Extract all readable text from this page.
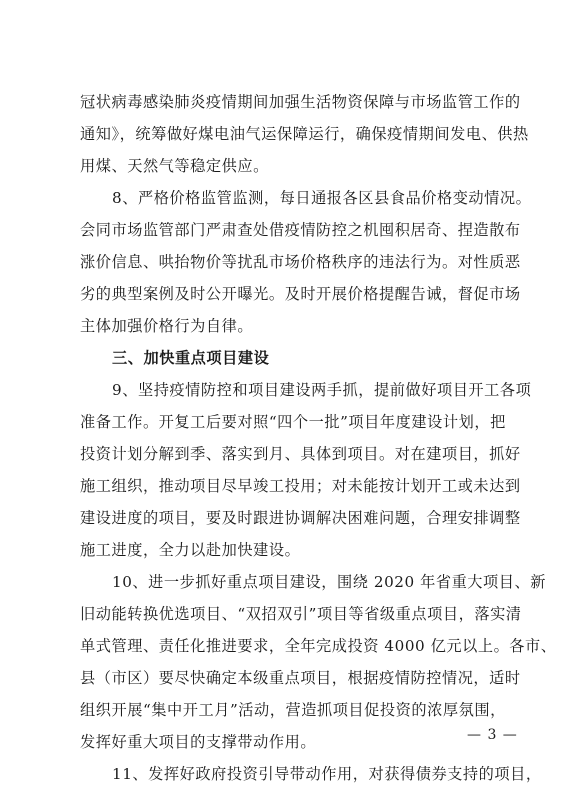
冠状病毒感染肺炎疫情期间加强生活物资保障与市场监管工作的
通知》，统筹做好煤电油气运保障运行，确保疫情期间发电、供热
用煤、天然气等稳定供应。
8、严格价格监管监测，每日通报各区县食品价格变动情况。
会同市场监管部门严肃查处借疫情防控之机囤积居奇、捏造散布
涨价信息、哄抬物价等扰乱市场价格秩序的违法行为。对性质恶
劣的典型案例及时公开曝光。及时开展价格提醒告诫，督促市场
主体加强价格行为自律。
三、加快重点项目建设
9、坚持疫情防控和项目建设两手抓，提前做好项目开工各项
准备工作。开复工后要对照“四个一批”项目年度建设计划，把
投资计划分解到季、落实到月、具体到项目。对在建项目，抓好
施工组织，推动项目尽早竣工投用；对未能按计划开工或未达到
建设进度的项目，要及时跟进协调解决困难问题，合理安排调整
施工进度，全力以赴加快建设。
10、进一步抓好重点项目建设，围绕 2020 年省重大项目、新
旧动能转换优选项目、“双招双引”项目等省级重点项目，落实清
单式管理、责任化推进要求，全年完成投资 4000 亿元以上。各市、
县（市区）要尽快确定本级重点项目，根据疫情防控情况，适时
组织开展“集中开工月”活动，营造抓项目促投资的浓厚氛围，
发挥好重大项目的支撑带动作用。
11、发挥好政府投资引导带动作用，对获得债券支持的项目，
— 3 —
